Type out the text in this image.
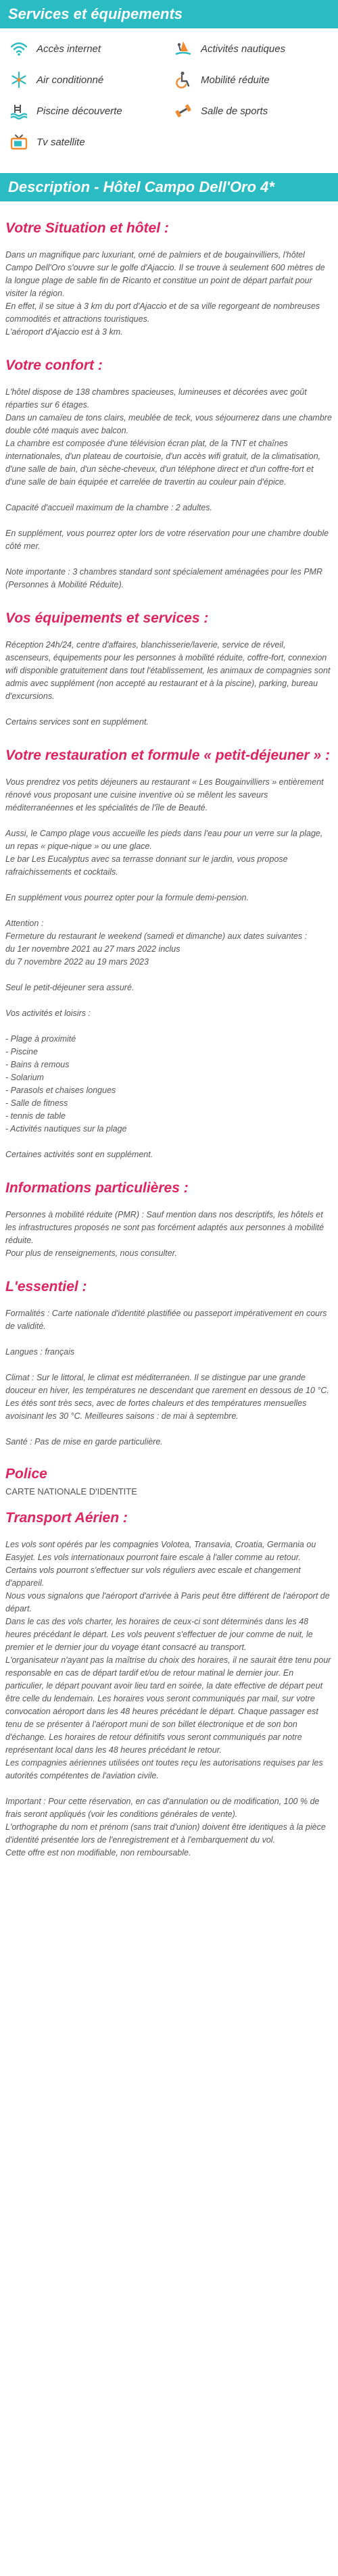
Services et équipements
Accès internet	Activités nautiques
Air conditionné	Mobilité réduite
Piscine découverte	Salle de sports
Tv satellite
Description - Hôtel Campo Dell'Oro 4*
Votre Situation et hôtel :

Dans un magnifique parc luxuriant, orné de palmiers et de bougainvilliers, l'hôtel Campo Dell'Oro s'ouvre sur le golfe d'Ajaccio. Il se trouve à seulement 600 mètres de la longue plage de sable fin de Ricanto et constitue un point de départ parfait pour visiter la région.
En effet, il se situe à 3 km du port d'Ajaccio et de sa ville regorgeant de nombreuses commodités et attractions touristiques.
L'aéroport d'Ajaccio est à 3 km.

Votre confort :

L'hôtel dispose de 138 chambres spacieuses, lumineuses et décorées avec goût réparties sur 6 étages.
Dans un camaïeu de tons clairs, meublée de teck, vous séjournerez dans une chambre double côté maquis avec balcon.
La chambre est composée d'une télévision écran plat, de la TNT et chaînes internationales, d'un plateau de courtoisie, d'un accès wifi gratuit, de la climatisation, d'une salle de bain, d'un sèche-cheveux, d'un téléphone direct et d'un coffre-fort et d'une salle de bain équipée et carrelée de travertin au couleur pain d'épice.

Capacité d'accueil maximum de la chambre : 2 adultes.

En supplément, vous pourrez opter lors de votre réservation pour une chambre double côté mer.

Note importante : 3 chambres standard sont spécialement aménagées pour les PMR (Personnes à Mobilité Réduite).

Vos équipements et services :

Réception 24h/24, centre d'affaires, blanchisserie/laverie, service de réveil, ascenseurs, équipements pour les personnes à mobilité réduite, coffre-fort, connexion wifi disponible gratuitement dans tout l'établissement, les animaux de compagnies sont admis avec supplément (non accepté au restaurant et à la piscine), parking, bureau d'excursions.

Certains services sont en supplément.

Votre restauration et formule « petit-déjeuner » :

Vous prendrez vos petits déjeuners au restaurant « Les Bougainvilliers » entièrement rénové vous proposant une cuisine inventive où se mêlent les saveurs méditerranéennes et les spécialités de l'île de Beauté.

Aussi, le Campo plage vous accueille les pieds dans l'eau pour un verre sur la plage, un repas « pique-nique » ou une glace.
Le bar Les Eucalyptus avec sa terrasse donnant sur le jardin, vous propose rafraichissements et cocktails.

En supplément vous pourrez opter pour la formule demi-pension.

Attention :
Fermeture du restaurant le weekend (samedi et dimanche) aux dates suivantes :
du 1er novembre 2021 au 27 mars 2022 inclus
du 7 novembre 2022 au 19 mars 2023

Seul le petit-déjeuner sera assuré.

Vos activités et loisirs :

- Plage à proximité
- Piscine
- Bains à remous
- Solarium
- Parasols et chaises longues
- Salle de fitness
- tennis de table
- Activités nautiques sur la plage

Certaines activités sont en supplément.

Informations particulières :

Personnes à mobilité réduite (PMR) : Sauf mention dans nos descriptifs, les hôtels et les infrastructures proposés ne sont pas forcément adaptés aux personnes à mobilité réduite.
Pour plus de renseignements, nous consulter.

L'essentiel :

Formalités : Carte nationale d'identité plastifiée ou passeport impérativement en cours de validité.

Langues : français

Climat : Sur le littoral, le climat est méditerranéen. Il se distingue par une grande douceur en hiver, les températures ne descendant que rarement en dessous de 10 °C. Les étés sont très secs, avec de fortes chaleurs et des températures mensuelles avoisinant les 30 °C. Meilleures saisons : de mai à septembre.

Santé : Pas de mise en garde particulière.

Police

CARTE NATIONALE D'IDENTITE

Transport Aérien :

Les vols sont opérés par les compagnies Volotea, Transavia, Croatia, Germania ou Easyjet. Les vols internationaux pourront faire escale à l'aller comme au retour. Certains vols pourront s'effectuer sur vols réguliers avec escale et changement d'appareil.
Nous vous signalons que l'aéroport d'arrivée à Paris peut être différent de l'aéroport de départ.
Dans le cas des vols charter, les horaires de ceux-ci sont déterminés dans les 48 heures précédant le départ. Les vols peuvent s'effectuer de jour comme de nuit, le premier et le dernier jour du voyage étant consacré au transport.
L'organisateur n'ayant pas la maîtrise du choix des horaires, il ne saurait être tenu pour responsable en cas de départ tardif et/ou de retour matinal le dernier jour. En particulier, le départ pouvant avoir lieu tard en soirée, la date effective de départ peut être celle du lendemain. Les horaires vous seront communiqués par mail, sur votre convocation aéroport dans les 48 heures précédant le départ. Chaque passager est tenu de se présenter à l'aéroport muni de son billet électronique et de son bon d'échange. Les horaires de retour définitifs vous seront communiqués par notre représentant local dans les 48 heures précédant le retour.
Les compagnies aériennes utilisées ont toutes reçu les autorisations requises par les autorités compétentes de l'aviation civile.

Important : Pour cette réservation, en cas d'annulation ou de modification, 100 % de frais seront appliqués (voir les conditions générales de vente).
L'orthographe du nom et prénom (sans trait d'union) doivent être identiques à la pièce d'identité présentée lors de l'enregistrement et à l'embarquement du vol.
Cette offre est non modifiable, non remboursable.
